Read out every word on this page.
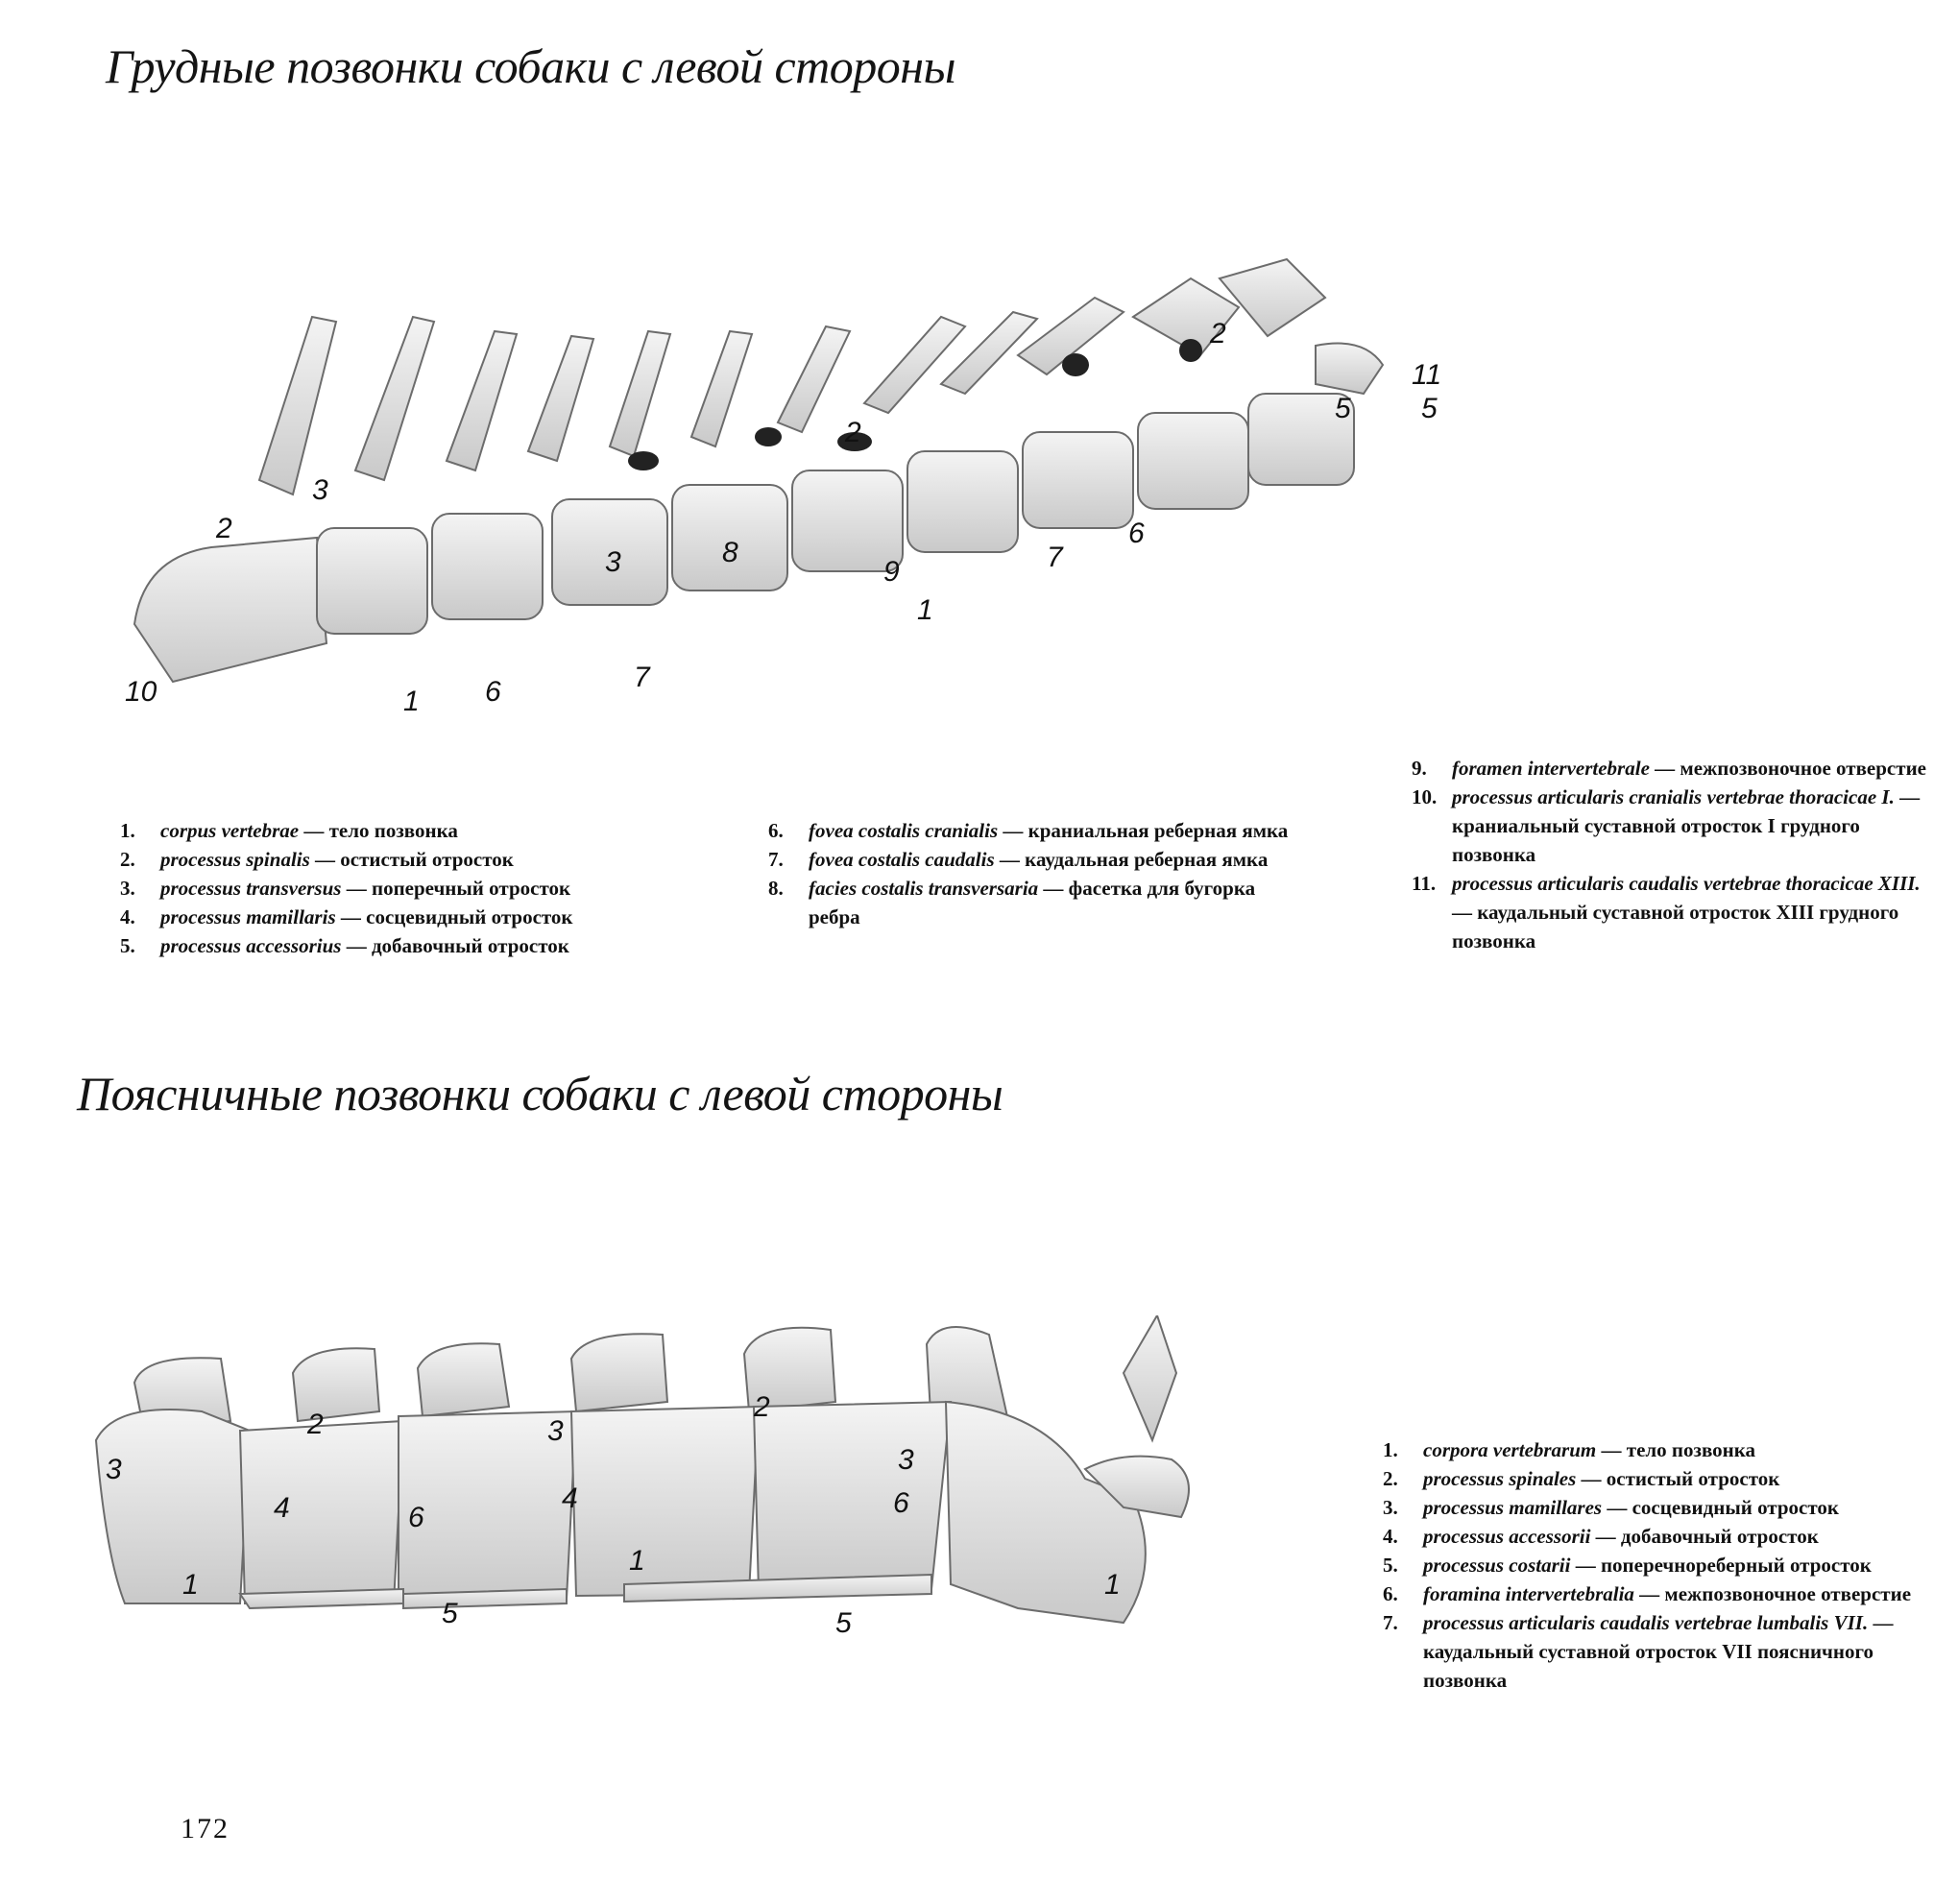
Грудные позвонки собаки с левой стороны
10
2
3
1 6
3
7
8
2
9
1
7
6
2
5 5
11
1.	corpus vertebrae — тело позвонка
2.	processus spinalis — остистый отросток
3.	processus transversus — поперечный отросток
4.	processus mamillaris — сосцевидный отросток
5.	processus accessorius — добавочный отросток
6.	fovea costalis cranialis — краниальная реберная ямка
7.	fovea costalis caudalis — каудальная реберная ямка
8.	facies costalis transversaria — фасетка для бугорка ребра
9.	foramen intervertebrale — межпозвоночное отверстие
10. processus articularis cranialis vertebrae thoracicae I. — краниальный суставной отросток I грудного позвонка
11. processus articularis caudalis vertebrae thoracicae XIII. — каудальный суставной отросток XIII грудного позвонка
Поясничные позвонки собаки с левой стороны
3
1
2
4	6
5
3
4
1
2
3
6
5
1
1.	corpora vertebrarum — тело позвонка
2.	processus spinales — остистый отросток
3.	processus mamillares — сосцевидный отросток
4.	processus accessorii — добавочный отросток
5.	processus costarii — поперечнореберный отросток
6.	foramina intervertebralia — межпозвоночное отверстие
7.	processus articularis caudalis vertebrae lumbalis VII. — каудальный суставной отросток VII поясничного позвонка
172
